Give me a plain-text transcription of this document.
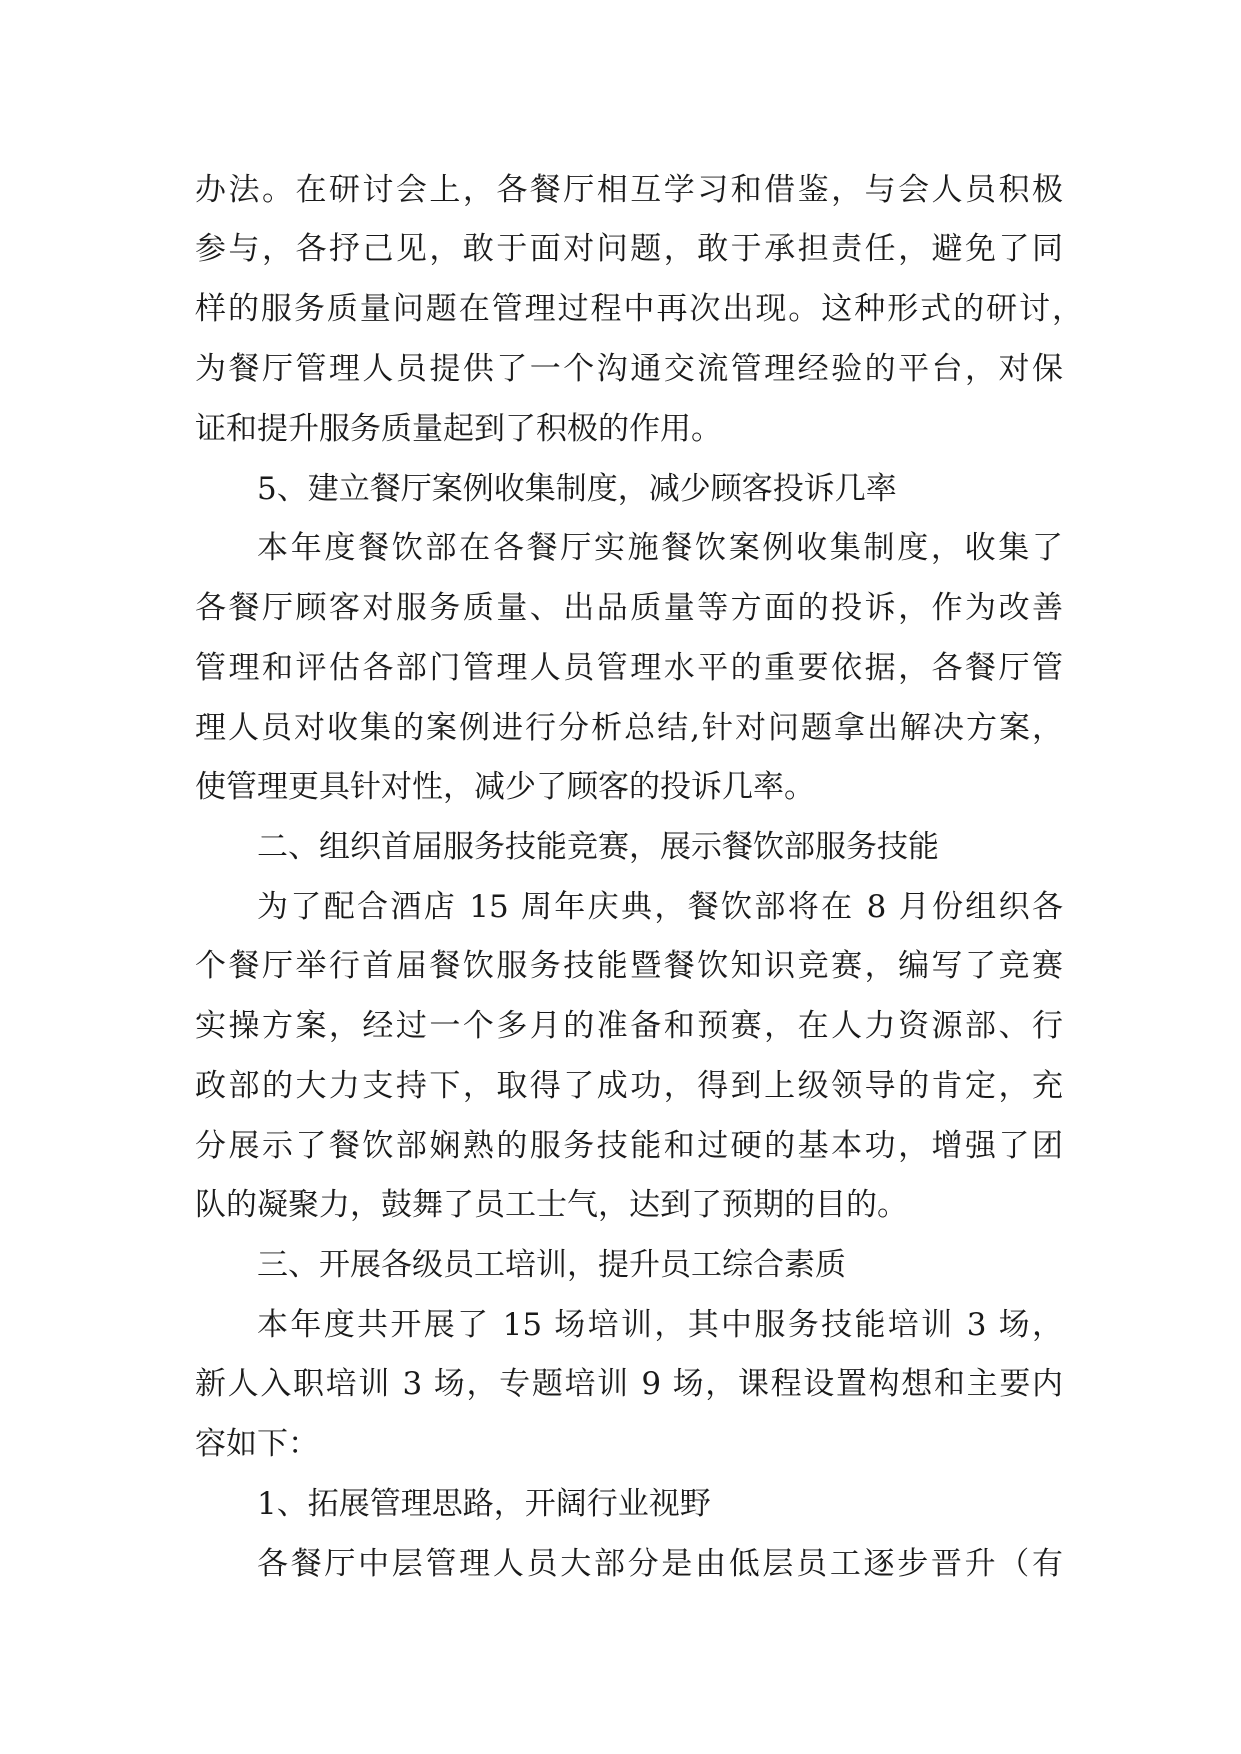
办法。在研讨会上，各餐厅相互学习和借鉴，与会人员积极
参与，各抒己见，敢于面对问题，敢于承担责任，避免了同
样的服务质量问题在管理过程中再次出现。这种形式的研讨，
为餐厅管理人员提供了一个沟通交流管理经验的平台，对保
证和提升服务质量起到了积极的作用。
5、建立餐厅案例收集制度，减少顾客投诉几率
本年度餐饮部在各餐厅实施餐饮案例收集制度，收集了
各餐厅顾客对服务质量、出品质量等方面的投诉，作为改善
管理和评估各部门管理人员管理水平的重要依据，各餐厅管
理人员对收集的案例进行分析总结,针对问题拿出解决方案，
使管理更具针对性，减少了顾客的投诉几率。
二、组织首届服务技能竞赛，展示餐饮部服务技能
为了配合酒店 15 周年庆典，餐饮部将在 8 月份组织各
个餐厅举行首届餐饮服务技能暨餐饮知识竞赛，编写了竞赛
实操方案，经过一个多月的准备和预赛，在人力资源部、行
政部的大力支持下，取得了成功，得到上级领导的肯定，充
分展示了餐饮部娴熟的服务技能和过硬的基本功，增强了团
队的凝聚力，鼓舞了员工士气，达到了预期的目的。
三、开展各级员工培训，提升员工综合素质
本年度共开展了 15 场培训，其中服务技能培训 3 场，
新人入职培训 3 场，专题培训 9 场，课程设置构想和主要内
容如下：
1、拓展管理思路，开阔行业视野
各餐厅中层管理人员大部分是由低层员工逐步晋升（有
